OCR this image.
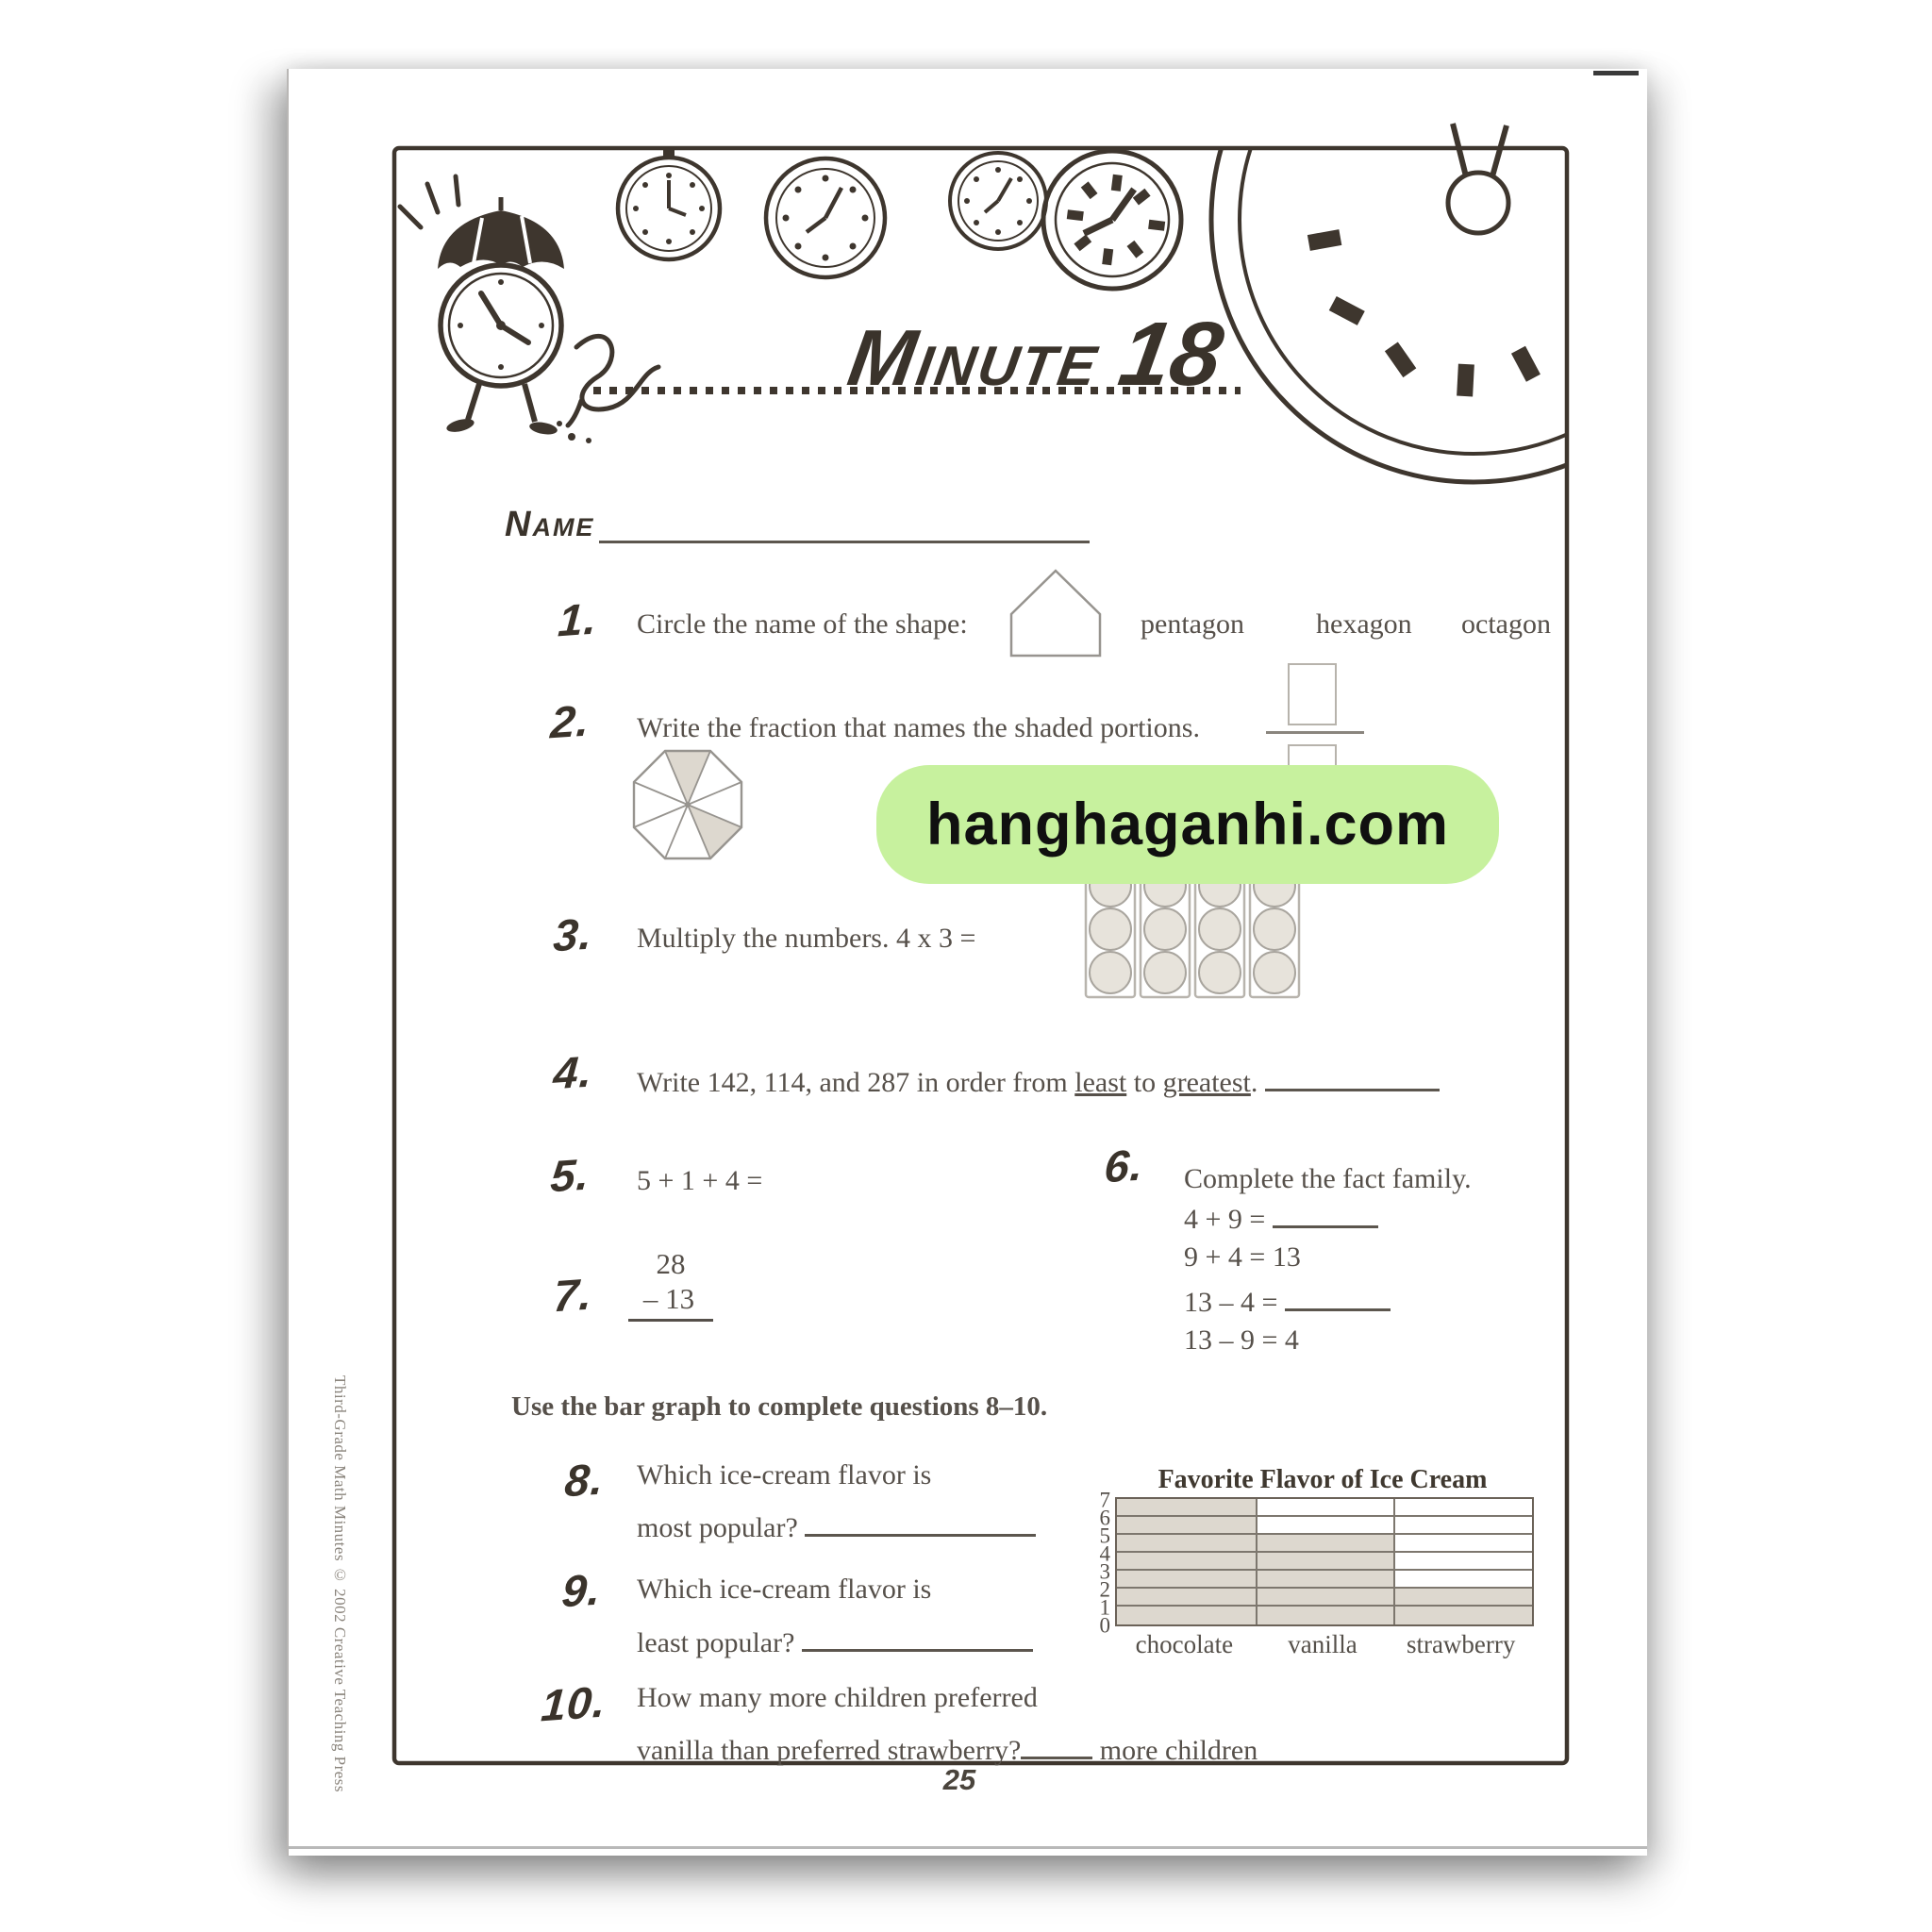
Minute18
Name
1. Circle the name of the shape:	pentagon	hexagon octagon
2. Write the fraction that names the shaded portions.
3. Multiply the numbers. 4 x 3 =
4. Write 142, 114, and 287 in order from least to greatest.
5. 5 + 1 + 4 =	6. Complete the fact family.
4 + 9 =
9 + 4 = 13
13 – 4 =
13 – 9 = 4
7.
28
– 13
Use the bar graph to complete questions 8–10.
8. Which ice-cream flavor is
most popular?
9. Which ice-cream flavor is
least popular?
10. How many more children preferred
vanilla than preferred strawberry?	more children
Favorite Flavor of Ice Cream
0
1
2
3
4
5
6
7
chocolate	vanilla	strawberry
Third-Grade Math Minutes © 2002 Creative Teaching Press	25
hanghaganhi.com
